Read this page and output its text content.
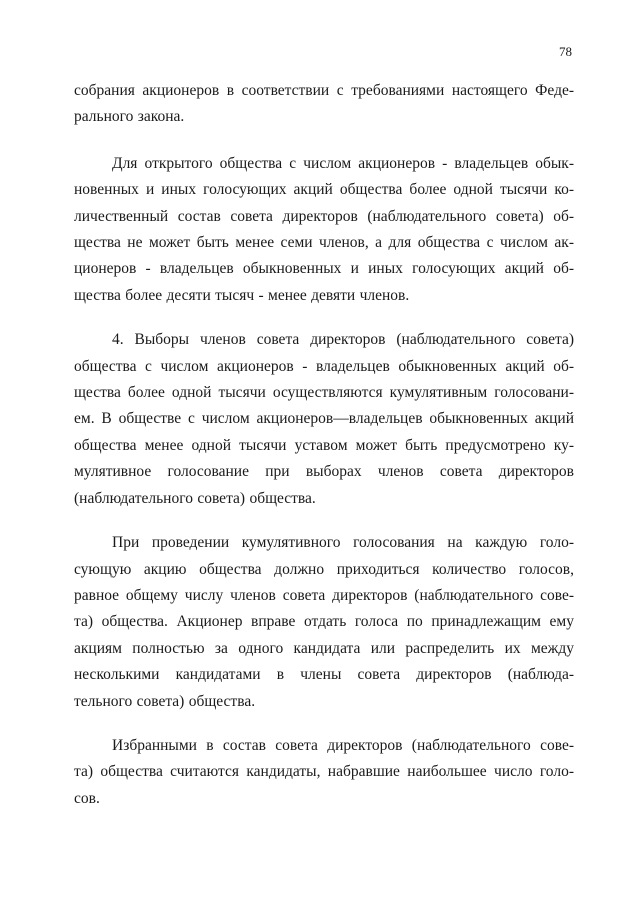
78

собрания акционеров в соответствии с требованиями настоящего Феде-
рального закона.

Для открытого общества с числом акционеров - владельцев обык-
новенных и иных голосующих акций общества более одной тысячи ко-
личественный состав совета директоров (наблюдательного совета) об-
щества не может быть менее семи членов, а для общества с числом ак-
ционеров - владельцев обыкновенных и иных голосующих акций об-
щества более десяти тысяч - менее девяти членов.

4. Выборы членов совета директоров (наблюдательного совета)
общества с числом акционеров - владельцев обыкновенных акций об-
щества более одной тысячи осуществляются кумулятивным голосовани-
ем. В обществе с числом акционеров—владельцев обыкновенных акций
общества менее одной тысячи уставом может быть предусмотрено ку-
мулятивное голосование при выборах членов совета директоров
(наблюдательного совета) общества.

При проведении кумулятивного голосования на каждую голо-
сующую акцию общества должно приходиться количество голосов,
равное общему числу членов совета директоров (наблюдательного сове-
та) общества. Акционер вправе отдать голоса по принадлежащим ему
акциям полностью за одного кандидата или распределить их между
несколькими кандидатами в члены совета директоров (наблюда-
тельного совета) общества.

Избранными в состав совета директоров (наблюдательного сове-
та) общества считаются кандидаты, набравшие наибольшее число голо-
сов.
